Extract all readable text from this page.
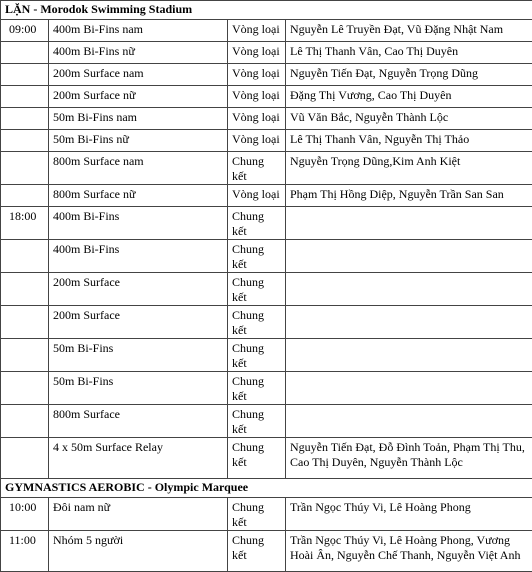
LẶN - Morodok Swimming Stadium			
09:00	400m Bi-Fins nam	Vòng loại	Nguyễn Lê Truyền Đạt, Vũ Đặng Nhật Nam
	400m Bi-Fins nữ	Vòng loại	Lê Thị Thanh Vân, Cao Thị Duyên
	200m Surface nam	Vòng loại	Nguyễn Tiến Đạt, Nguyễn Trọng Dũng
	200m Surface nữ	Vòng loại	Đặng Thị Vương, Cao Thị Duyên
	50m Bi-Fins nam	Vòng loại	Vũ Văn Bắc, Nguyễn Thành Lộc
	50m Bi-Fins nữ	Vòng loại	Lê Thị Thanh Vân, Nguyễn Thị Thảo
	800m Surface nam	Chung kết	Nguyễn Trọng Dũng,Kim Anh Kiệt
	800m Surface nữ	Vòng loại	Phạm Thị Hồng Diệp, Nguyễn Trần San San
18:00	400m Bi-Fins	Chung kết	
	400m Bi-Fins	Chung kết	
	200m Surface	Chung kết	
	200m Surface	Chung kết	
	50m Bi-Fins	Chung kết	
	50m Bi-Fins	Chung kết	
	800m Surface	Chung kết	
	4 x 50m Surface Relay	Chung kết	Nguyễn Tiến Đạt, Đỗ Đình Toản, Phạm Thị Thu, Cao Thị Duyên, Nguyễn Thành Lộc
GYMNASTICS AEROBIC - Olympic Marquee			
10:00	Đôi nam nữ	Chung kết	Trần Ngọc Thúy Vi, Lê Hoàng Phong
11:00	Nhóm 5 người	Chung kết	Trần Ngọc Thúy Vi, Lê Hoàng Phong, Vương Hoài Ân, Nguyễn Chế Thanh, Nguyễn Việt Anh
